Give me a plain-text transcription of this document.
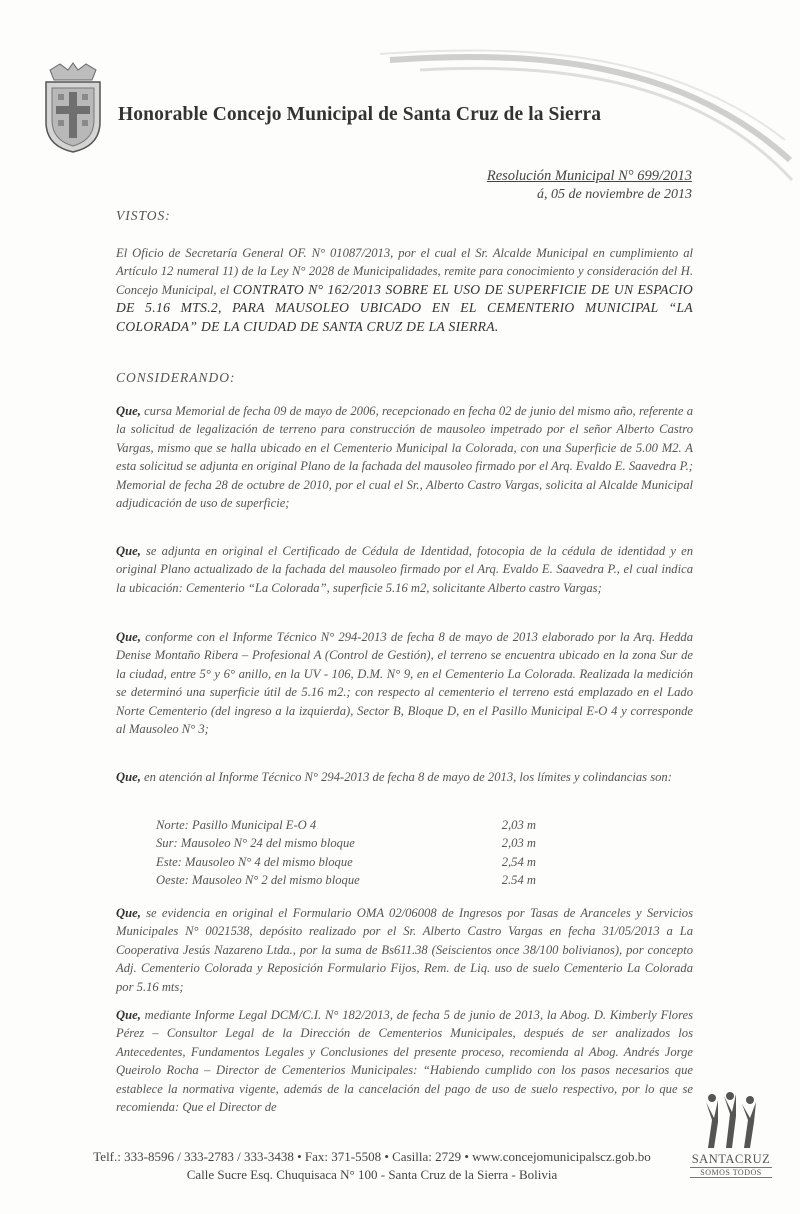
Honorable Concejo Municipal de Santa Cruz de la Sierra

Resolución Municipal N° 699/2013

á, 05 de noviembre de 2013

VISTOS:

El Oficio de Secretaría General OF. N° 01087/2013, por el cual el Sr. Alcalde Municipal en cumplimiento al Artículo 12 numeral 11) de la Ley N° 2028 de Municipalidades, remite para conocimiento y consideración del H. Concejo Municipal, el CONTRATO N° 162/2013 SOBRE EL USO DE SUPERFICIE DE UN ESPACIO DE 5.16 MTS.2, PARA MAUSOLEO UBICADO EN EL CEMENTERIO MUNICIPAL “LA COLORADA” DE LA CIUDAD DE SANTA CRUZ DE LA SIERRA.

CONSIDERANDO:

Que, cursa Memorial de fecha 09 de mayo de 2006, recepcionado en fecha 02 de junio del mismo año, referente a la solicitud de legalización de terreno para construcción de mausoleo impetrado por el señor Alberto Castro Vargas, mismo que se halla ubicado en el Cementerio Municipal la Colorada, con una Superficie de 5.00 M2. A esta solicitud se adjunta en original Plano de la fachada del mausoleo firmado por el Arq. Evaldo E. Saavedra P.; Memorial de fecha 28 de octubre de 2010, por el cual el Sr., Alberto Castro Vargas, solicita al Alcalde Municipal adjudicación de uso de superficie;

Que, se adjunta en original el Certificado de Cédula de Identidad, fotocopia de la cédula de identidad y en original Plano actualizado de la fachada del mausoleo firmado por el Arq. Evaldo E. Saavedra P., el cual indica la ubicación: Cementerio “La Colorada”, superficie 5.16 m2, solicitante Alberto castro Vargas;

Que, conforme con el Informe Técnico N° 294-2013 de fecha 8 de mayo de 2013 elaborado por la Arq. Hedda Denise Montaño Ribera – Profesional A (Control de Gestión), el terreno se encuentra ubicado en la zona Sur de la ciudad, entre 5° y 6° anillo, en la UV - 106, D.M. N° 9, en el Cementerio La Colorada. Realizada la medición se determinó una superficie útil de 5.16 m2.; con respecto al cementerio el terreno está emplazado en el Lado Norte Cementerio (del ingreso a la izquierda), Sector B, Bloque D, en el Pasillo Municipal E-O 4 y corresponde al Mausoleo N° 3;

Que, en atención al Informe Técnico N° 294-2013 de fecha 8 de mayo de 2013, los límites y colindancias son:

Norte: Pasillo Municipal E-O 4	2,03 m
Sur: Mausoleo N° 24 del mismo bloque	2,03 m
Este: Mausoleo N° 4 del mismo bloque	2,54 m
Oeste: Mausoleo N° 2 del mismo bloque	2.54 m

Que, se evidencia en original el Formulario OMA 02/06008 de Ingresos por Tasas de Aranceles y Servicios Municipales N° 0021538, depósito realizado por el Sr. Alberto Castro Vargas en fecha 31/05/2013 a La Cooperativa Jesús Nazareno Ltda., por la suma de Bs611.38 (Seiscientos once 38/100 bolivianos), por concepto Adj. Cementerio Colorada y Reposición Formulario Fijos, Rem. de Liq. uso de suelo Cementerio La Colorada por 5.16 mts;

Que, mediante Informe Legal DCM/C.I. N° 182/2013, de fecha 5 de junio de 2013, la Abog. D. Kimberly Flores Pérez – Consultor Legal de la Dirección de Cementerios Municipales, después de ser analizados los Antecedentes, Fundamentos Legales y Conclusiones del presente proceso, recomienda al Abog. Andrés Jorge Queirolo Rocha – Director de Cementerios Municipales: “Habiendo cumplido con los pasos necesarios que establece la normativa vigente, además de la cancelación del pago de uso de suelo respectivo, por lo que se recomienda: Que el Director de

SANTACRUZ

SOMOS TODOS

Telf.: 333-8596 / 333-2783 / 333-3438 • Fax: 371-5508 • Casilla: 2729 • www.concejomunicipalscz.gob.bo

Calle Sucre Esq. Chuquisaca N° 100 - Santa Cruz de la Sierra - Bolivia
